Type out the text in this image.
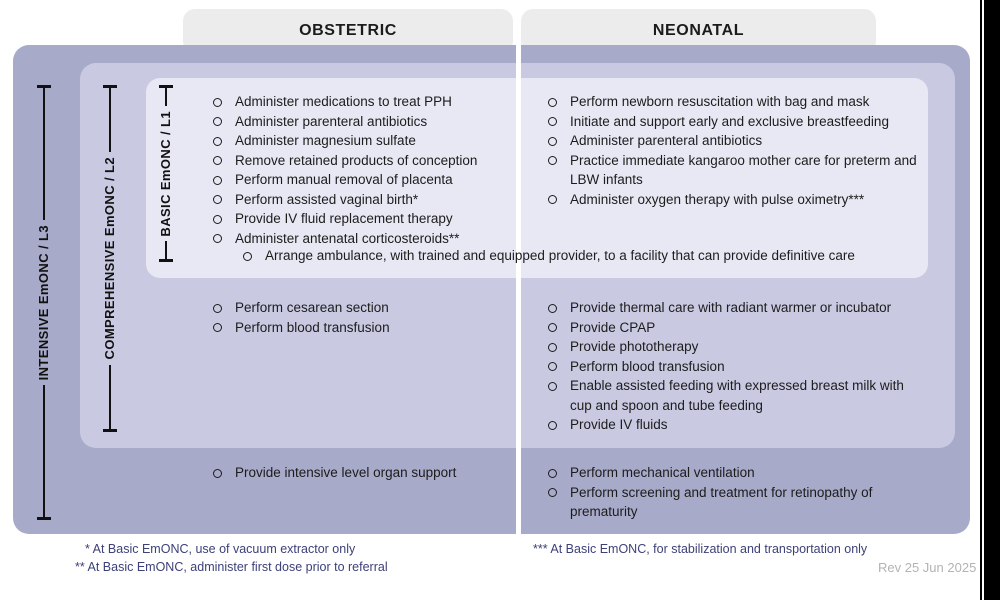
OBSTETRIC	NEONATAL
INTENSIVE EmONC / L3	COMPREHENSIVE EmONC / L2	BASIC EmONC / L1
Administer medications to treat PPH
Administer parenteral antibiotics
Administer magnesium sulfate
Remove retained products of conception
Perform manual removal of placenta
Perform assisted vaginal birth*
Provide IV fluid replacement therapy
Administer antenatal corticosteroids**
Perform newborn resuscitation with bag and mask
Initiate and support early and exclusive breastfeeding
Administer parenteral antibiotics
Practice immediate kangaroo mother care for preterm and LBW infants
Administer oxygen therapy with pulse oximetry***
Arrange ambulance, with trained and equipped provider, to a facility that can provide definitive care
Perform cesarean section
Perform blood transfusion
Provide thermal care with radiant warmer or incubator
Provide CPAP
Provide phototherapy
Perform blood transfusion
Enable assisted feeding with expressed breast milk with cup and spoon and tube feeding
Provide IV fluids
Provide intensive level organ support	Perform mechanical ventilation
Perform screening and treatment for retinopathy of prematurity
* At Basic EmONC, use of vacuum extractor only
** At Basic EmONC, administer first dose prior to referral
*** At Basic EmONC, for stabilization and transportation only
Rev 25 Jun 2025
